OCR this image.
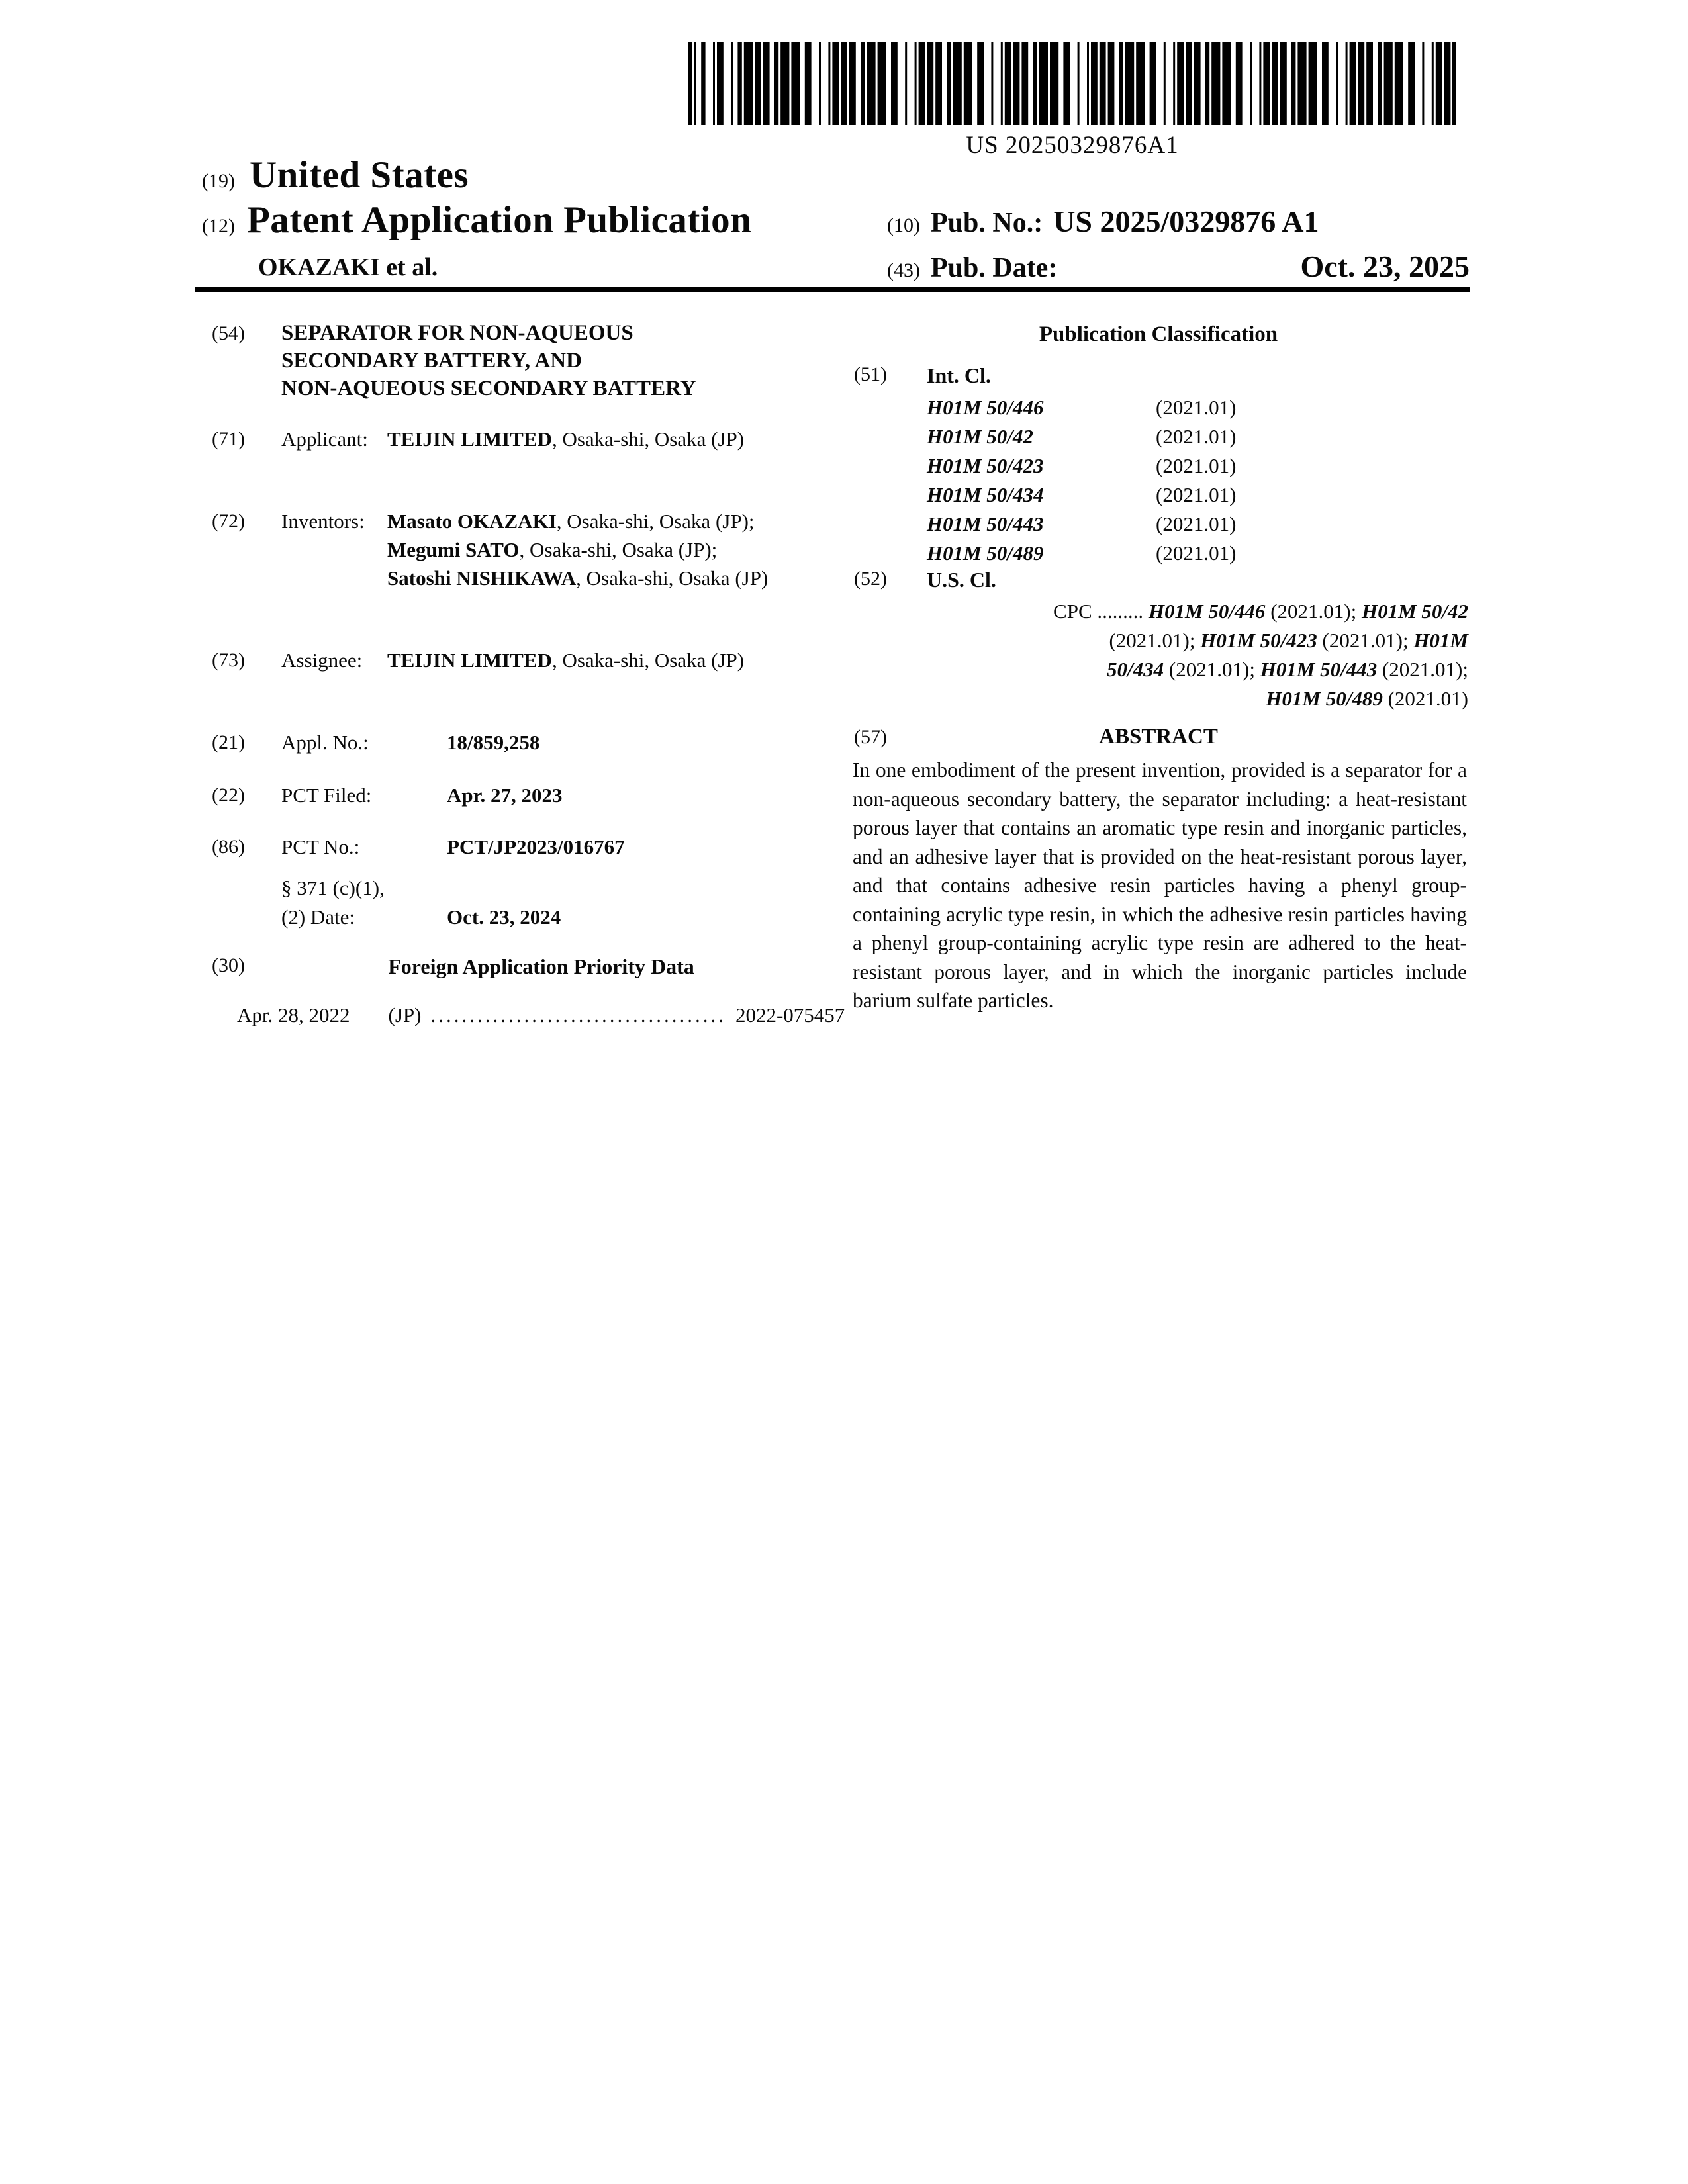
US 20250329876A1
(19) United States
(12) Patent Application Publication
OKAZAKI et al.
(10) Pub. No.: US 2025/0329876 A1
(43) Pub. Date:	Oct. 23, 2025
(54)	SEPARATOR FOR NON-AQUEOUS
SECONDARY BATTERY, AND
NON-AQUEOUS SECONDARY BATTERY
(71)	Applicant: TEIJIN LIMITED, Osaka-shi, Osaka (JP)
(72)	Inventors:	Masato OKAZAKI, Osaka-shi, Osaka (JP); Megumi SATO, Osaka-shi, Osaka (JP); Satoshi NISHIKAWA, Osaka-shi, Osaka (JP)
(73)	Assignee:	TEIJIN LIMITED, Osaka-shi, Osaka (JP)
(21)	Appl. No.:	18/859,258
(22)	PCT Filed:	Apr. 27, 2023
(86)	PCT No.:	PCT/JP2023/016767
§ 371 (c)(1),
(2) Date:	Oct. 23, 2024
(30)	Foreign Application Priority Data
Apr. 28, 2022 (JP) ...................................... 2022-075457
Publication Classification
(51)	Int. Cl.
H01M 50/446	(2021.01)
H01M 50/42	(2021.01)
H01M 50/423	(2021.01)
H01M 50/434	(2021.01)
H01M 50/443	(2021.01)
H01M 50/489	(2021.01)
(52)	U.S. Cl.
CPC ......... H01M 50/446 (2021.01); H01M 50/42
(2021.01); H01M 50/423 (2021.01); H01M
50/434 (2021.01); H01M 50/443 (2021.01);
H01M 50/489 (2021.01)
(57)	ABSTRACT
In one embodiment of the present invention, provided is a separator for a non-aqueous secondary battery, the separator including: a heat-resistant porous layer that contains an aromatic type resin and inorganic particles, and an adhesive layer that is provided on the heat-resistant porous layer, and that contains adhesive resin particles having a phenyl group-containing acrylic type resin, in which the adhesive resin particles having a phenyl group-containing acrylic type resin are adhered to the heat-resistant porous layer, and in which the inorganic particles include barium sulfate particles.
